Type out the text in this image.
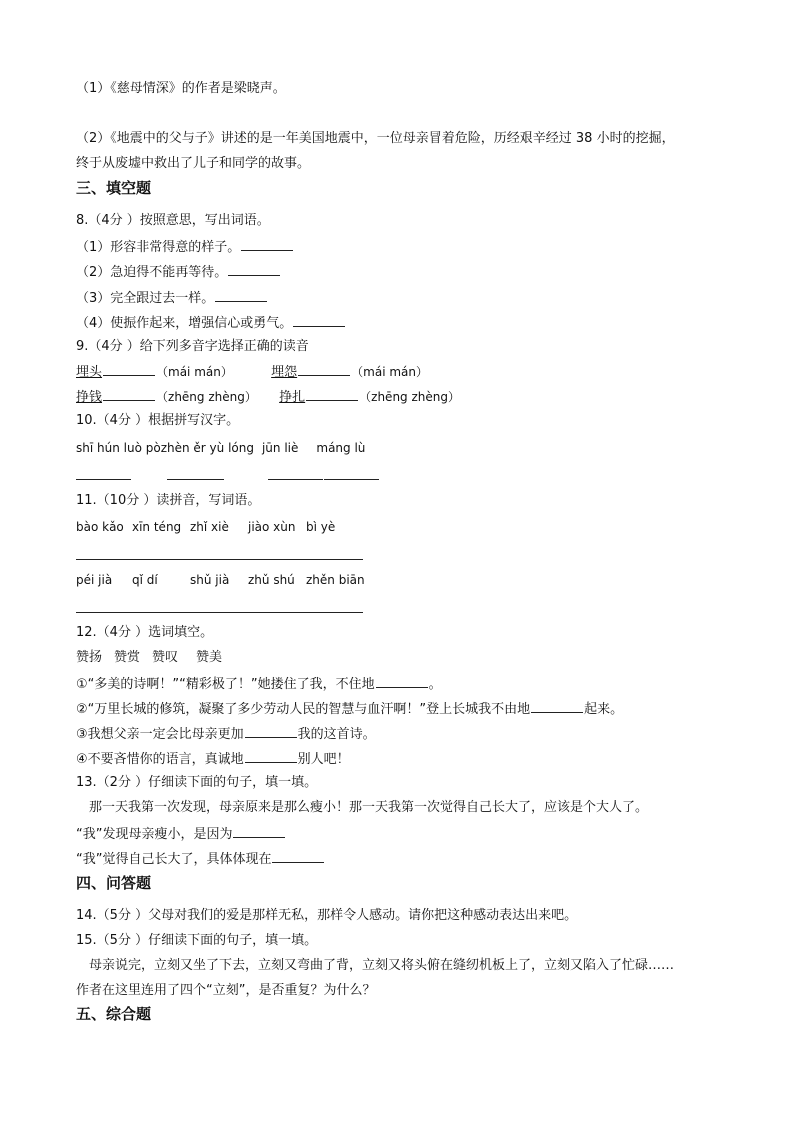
（1）《慈母情深》的作者是梁晓声。
（2）《地震中的父与子》讲述的是一年美国地震中，一位母亲冒着危险，历经艰辛经过 38 小时的挖掘，
终于从废墟中救出了儿子和同学的故事。
三、填空题
8.（4分 ）按照意思，写出词语。
（1）形容非常得意的样子。
（2）急迫得不能再等待。
（3）完全跟过去一样。
（4）使振作起来，增强信心或勇气。
9.（4分 ）给下列多音字选择正确的读音
埋头	（mái mán）	埋怨	（mái mán）
挣钱	（zhēng zhèng） 挣扎	（zhēng zhèng）
10.（4分 ）根据拼写汉字。
shī hún luò pòzhèn ěr yù lóng jūn liè máng lù
11.（10分 ）读拼音，写词语。
bào kǎo xīn téng zhǐ xiè jiào xùn bì yè
péi jià qǐ dí	shǔ jià zhǔ shú zhěn biān
12.（4分 ）选词填空。
赞扬 赞赏 赞叹 赞美
①“多美的诗啊！”“精彩极了！”她搂住了我，不住地	。
②“万里长城的修筑，凝聚了多少劳动人民的智慧与血汗啊！”登上长城我不由地	起来。
③我想父亲一定会比母亲更加	我的这首诗。
④不要吝惜你的语言，真诚地	别人吧！
13.（2分 ）仔细读下面的句子，填一填。
那一天我第一次发现，母亲原来是那么瘦小！那一天我第一次觉得自己长大了，应该是个大人了。
“我”发现母亲瘦小，是因为
“我”觉得自己长大了，具体体现在
四、问答题
14.（5分 ）父母对我们的爱是那样无私，那样令人感动。请你把这种感动表达出来吧。
15.（5分 ）仔细读下面的句子，填一填。
母亲说完，立刻又坐了下去，立刻又弯曲了背，立刻又将头俯在缝纫机板上了，立刻又陷入了忙碌……
作者在这里连用了四个“立刻”，是否重复？为什么？
五、综合题
